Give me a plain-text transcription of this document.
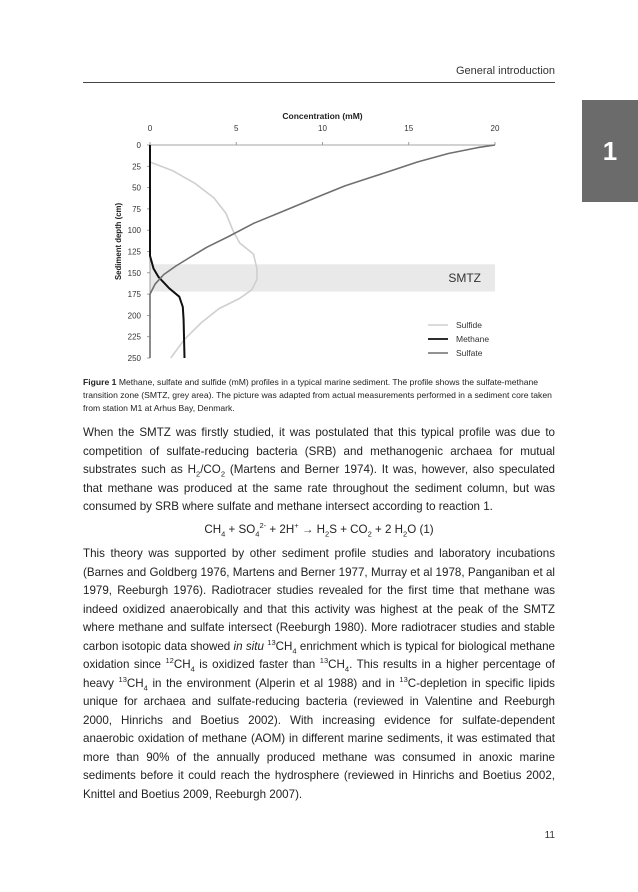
General introduction
1
SMTZ
Concentration (mM)
0	5	10	15	20
0
25
50
75
100
125
150
175
200
225
250
Sediment depth (cm)
Sulfide
Methane
Sulfate
Figure 1 Methane, sulfate and sulfide (mM) profiles in a typical marine sediment. The profile shows the sulfate-methane transition zone (SMTZ, grey area). The picture was adapted from actual measurements performed in a sediment core taken from station M1 at Arhus Bay, Denmark.
When the SMTZ was firstly studied, it was postulated that this typical profile was due to competition of sulfate-reducing bacteria (SRB) and methanogenic archaea for mutual substrates such as $H_2/CO_2$ (Martens and Berner 1974). It was, however, also speculated that methane was produced at the same rate throughout the sediment column, but was consumed by SRB where sulfate and methane intersect according to reaction 1.
$CH_4 + SO_4^{2-} + 2H^+ \to H_2S + CO_2 + 2$ $H_2O$ (1)
This theory was supported by other sediment profile studies and laboratory incubations (Barnes and Goldberg 1976, Martens and Berner 1977, Murray et al 1978, Panganiban et al 1979, Reeburgh 1976). Radiotracer studies revealed for the first time that methane was indeed oxidized anaerobically and that this activity was highest at the peak of the SMTZ where methane and sulfate intersect (Reeburgh 1980). More radiotracer studies and stable carbon isotopic data showed in situ $^{13}CH_4$ enrichment which is typical for biological methane oxidation since $^{12}CH_4$ is oxidized faster than $^{13}CH_4$. This results in a higher percentage of heavy $^{13}CH_4$ in the environment (Alperin et al 1988) and in $^{13}$C-depletion in specific lipids unique for archaea and sulfate-reducing bacteria (reviewed in Valentine and Reeburgh 2000, Hinrichs and Boetius 2002). With increasing evidence for sulfate-dependent anaerobic oxidation of methane (AOM) in different marine sediments, it was estimated that more than 90% of the annually produced methane was consumed in anoxic marine sediments before it could reach the hydrosphere (reviewed in Hinrichs and Boetius 2002, Knittel and Boetius 2009, Reeburgh 2007).
11
